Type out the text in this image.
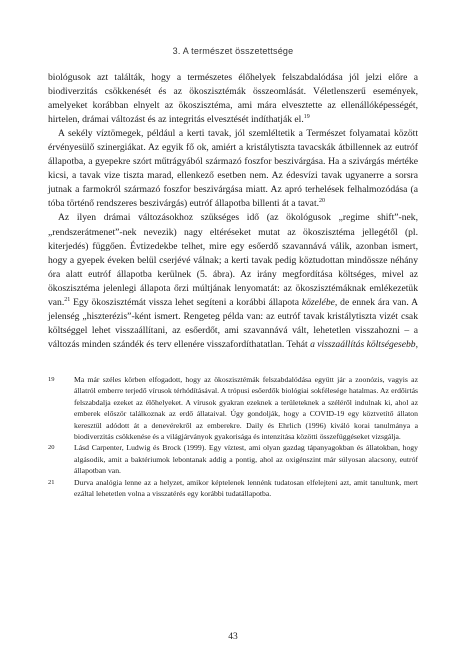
3. A természet összetettsége

biológusok azt találták, hogy a természetes élőhelyek felszabdalódása jól jelzi előre a biodiverzitás csökkenését és az ökoszisztémák összeomlását. Véletlenszerű események, amelyeket korábban elnyelt az ökoszisztéma, ami mára elvesztette az ellenállóképességét, hirtelen, drámai változást és az integritás elvesztését indíthatják el.$^{19}$

A sekély víztömegek, például a kerti tavak, jól szemléltetik a Természet folyamatai között érvényesülő szinergiákat. Az egyik fő ok, amiért a kristálytiszta tavacskák átbillennek az eutróf állapotba, a gyepekre szórt műtrágyából származó foszfor beszivárgása. Ha a szivárgás mértéke kicsi, a tavak vize tiszta marad, ellenkező esetben nem. Az édesvízi tavak ugyanerre a sorsra jutnak a farmokról származó foszfor beszivárgása miatt. Az apró terhelések felhalmozódása (a tóba történő rendszeres beszivárgás) eutróf állapotba billenti át a tavat.$^{20}$

Az ilyen drámai változásokhoz szükséges idő (az ökológusok „regime shift”-nek, „rendszerátmenet”-nek nevezik) nagy eltéréseket mutat az ökoszisztéma jellegétől (pl. kiterjedés) függően. Évtizedekbe telhet, mire egy esőerdő szavannává válik, azonban ismert, hogy a gyepek éveken belül cserjévé válnak; a kerti tavak pedig köztudottan mindössze néhány óra alatt eutróf állapotba kerülnek (5. ábra). Az irány megfordítása költséges, mivel az ökoszisztéma jelenlegi állapota őrzi múltjának lenyomatát: az ökoszisztémáknak emlékezetük van.$^{21}$ Egy ökoszisztémát vissza lehet segíteni a korábbi állapota közelébe, de ennek ára van. A jelenség „hiszterézis”-ként ismert. Rengeteg példa van: az eutróf tavak kristálytiszta vizét csak költséggel lehet visszaállítani, az esőerdőt, ami szavannává vált, lehetetlen visszahozni – a változás minden szándék és terv ellenére visszafordíthatatlan. Tehát a visszaállítás költségesebb,

19	Ma már széles körben elfogadott, hogy az ökoszisztémák felszabdalódása együtt jár a zoonózis, vagyis az állatról emberre terjedő vírusok térhódításával. A trópusi esőerdők biológiai sokféleségе hatalmas. Az erdőirtás felszabdalja ezeket az élőhelyeket. A vírusok gyakran ezeknek a területeknek a széléről indulnak ki, ahol az emberek először találkoznak az erdő állataival. Úgy gondolják, hogy a COVID-19 egy köztvetítő állaton keresztül adódott át a denevérekről az emberekre. Daily és Ehrlich (1996) kiváló korai tanulmánya a biodiverzitás csökkenése és a világjárványok gyakorisága és intenzitása közötti összefüggéseket vizsgálja.
20	Lásd Carpenter, Ludwig és Brock (1999). Egy víztest, ami olyan gazdag tápanyagokban és állatokban, hogy algásodik, amit a baktériumok lebontanak addig a pontig, ahol az oxigénszint már súlyosan alacsony, eutróf állapotban van.
21	Durva analógia lenne az a helyzet, amikor képtelenek lennénk tudatosan elfelejteni azt, amit tanultunk, mert ezáltal lehetetlen volna a visszatérés egy korábbi tudatállapotba.
43
